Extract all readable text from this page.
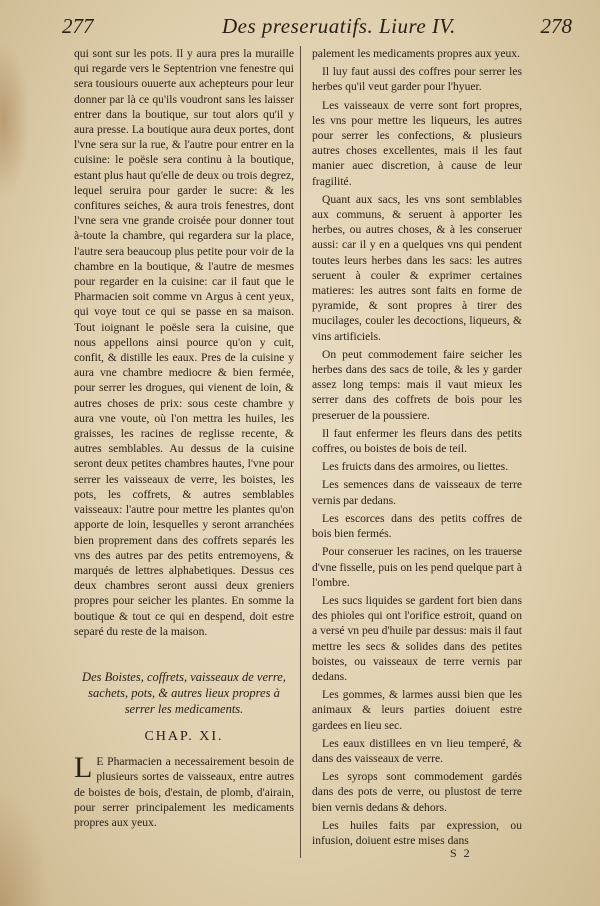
277	Des preseruatifs. Liure IV.	278

qui sont sur les pots. Il y aura pres la muraille qui regarde vers le Septentrion vne fenestre qui sera tousiours ouuerte aux achepteurs pour leur donner par là ce qu'ils voudront sans les laisser entrer dans la boutique, sur tout alors qu'il y aura presse. La boutique aura deux portes, dont l'vne sera sur la rue, & l'autre pour entrer en la cuisine: le poësle sera continu à la boutique, estant plus haut qu'elle de deux ou trois degrez, lequel seruira pour garder le sucre: & les confitures seiches, & aura trois fenestres, dont l'vne sera vne grande croisée pour donner tout à-toute la chambre, qui regardera sur la place, l'autre sera beaucoup plus petite pour voir de la chambre en la boutique, & l'autre de mesmes pour regarder en la cuisine: car il faut que le Pharmacien soit comme vn Argus à cent yeux, qui voye tout ce qui se passe en sa maison. Tout ioignant le poësle sera la cuisine, que nous appellons ainsi pource qu'on y cuit, confit, & distille les eaux. Pres de la cuisine y aura vne chambre mediocre & bien fermée, pour serrer les drogues, qui vienent de loin, & autres choses de prix: sous ceste chambre y aura vne voute, où l'on mettra les huiles, les graisses, les racines de reglisse recente, & autres semblables. Au dessus de la cuisine seront deux petites chambres hautes, l'vne pour serrer les vaisseaux de verre, les boistes, les pots, les coffrets, & autres semblables vaisseaux: l'autre pour mettre les plantes qu'on apporte de loin, lesquelles y seront arranchées bien proprement dans des coffrets separés les vns des autres par des petits entremoyens, & marqués de lettres alphabetiques. Dessus ces deux chambres seront aussi deux greniers propres pour seicher les plantes. En somme la boutique & tout ce qui en despend, doit estre separé du reste de la maison.

Des Boistes, coffrets, vaisseaux de verre, sachets, pots, & autres lieux propres à serrer les medicaments.
CHAP. XI.

L E Pharmacien a necessairement besoin de plusieurs sortes de vaisseaux, entre autres de boistes de bois, d'estain, de plomb, d'airain, pour serrer principalement les medicaments propres aux yeux.

palement les medicaments propres aux yeux.

Il luy faut aussi des coffres pour serrer les herbes qu'il veut garder pour l'hyuer.

Les vaisseaux de verre sont fort propres, les vns pour mettre les liqueurs, les autres pour serrer les confections, & plusieurs autres choses excellentes, mais il les faut manier auec discretion, à cause de leur fragilité.

Quant aux sacs, les vns sont semblables aux communs, & seruent à apporter les herbes, ou autres choses, & à les conseruer aussi: car il y en a quelques vns qui pendent toutes leurs herbes dans les sacs: les autres seruent à couler & exprimer certaines matieres: les autres sont faits en forme de pyramide, & sont propres à tirer des mucilages, couler les decoctions, liqueurs, & vins artificiels.

On peut commodement faire seicher les herbes dans des sacs de toile, & les y garder assez long temps: mais il vaut mieux les serrer dans des coffrets de bois pour les preseruer de la poussiere.

Il faut enfermer les fleurs dans des petits coffres, ou boistes de bois de teil.

Les fruicts dans des armoires, ou liettes.

Les semences dans de vaisseaux de terre vernis par dedans.

Les escorces dans des petits coffres de bois bien fermés.

Pour conseruer les racines, on les trauerse d'vne fisselle, puis on les pend quelque part à l'ombre.

Les sucs liquides se gardent fort bien dans des phioles qui ont l'orifice estroit, quand on a versé vn peu d'huile par dessus: mais il faut mettre les secs & solides dans des petites boistes, ou vaisseaux de terre vernis par dedans.

Les gommes, & larmes aussi bien que les animaux & leurs parties doiuent estre gardees en lieu sec.

Les eaux distillees en vn lieu temperé, & dans des vaisseaux de verre.

Les syrops sont commodement gardés dans des pots de verre, ou plustost de terre bien vernis dedans & dehors.

Les huiles faits par expression, ou infusion, doiuent estre mises dans

S 2
